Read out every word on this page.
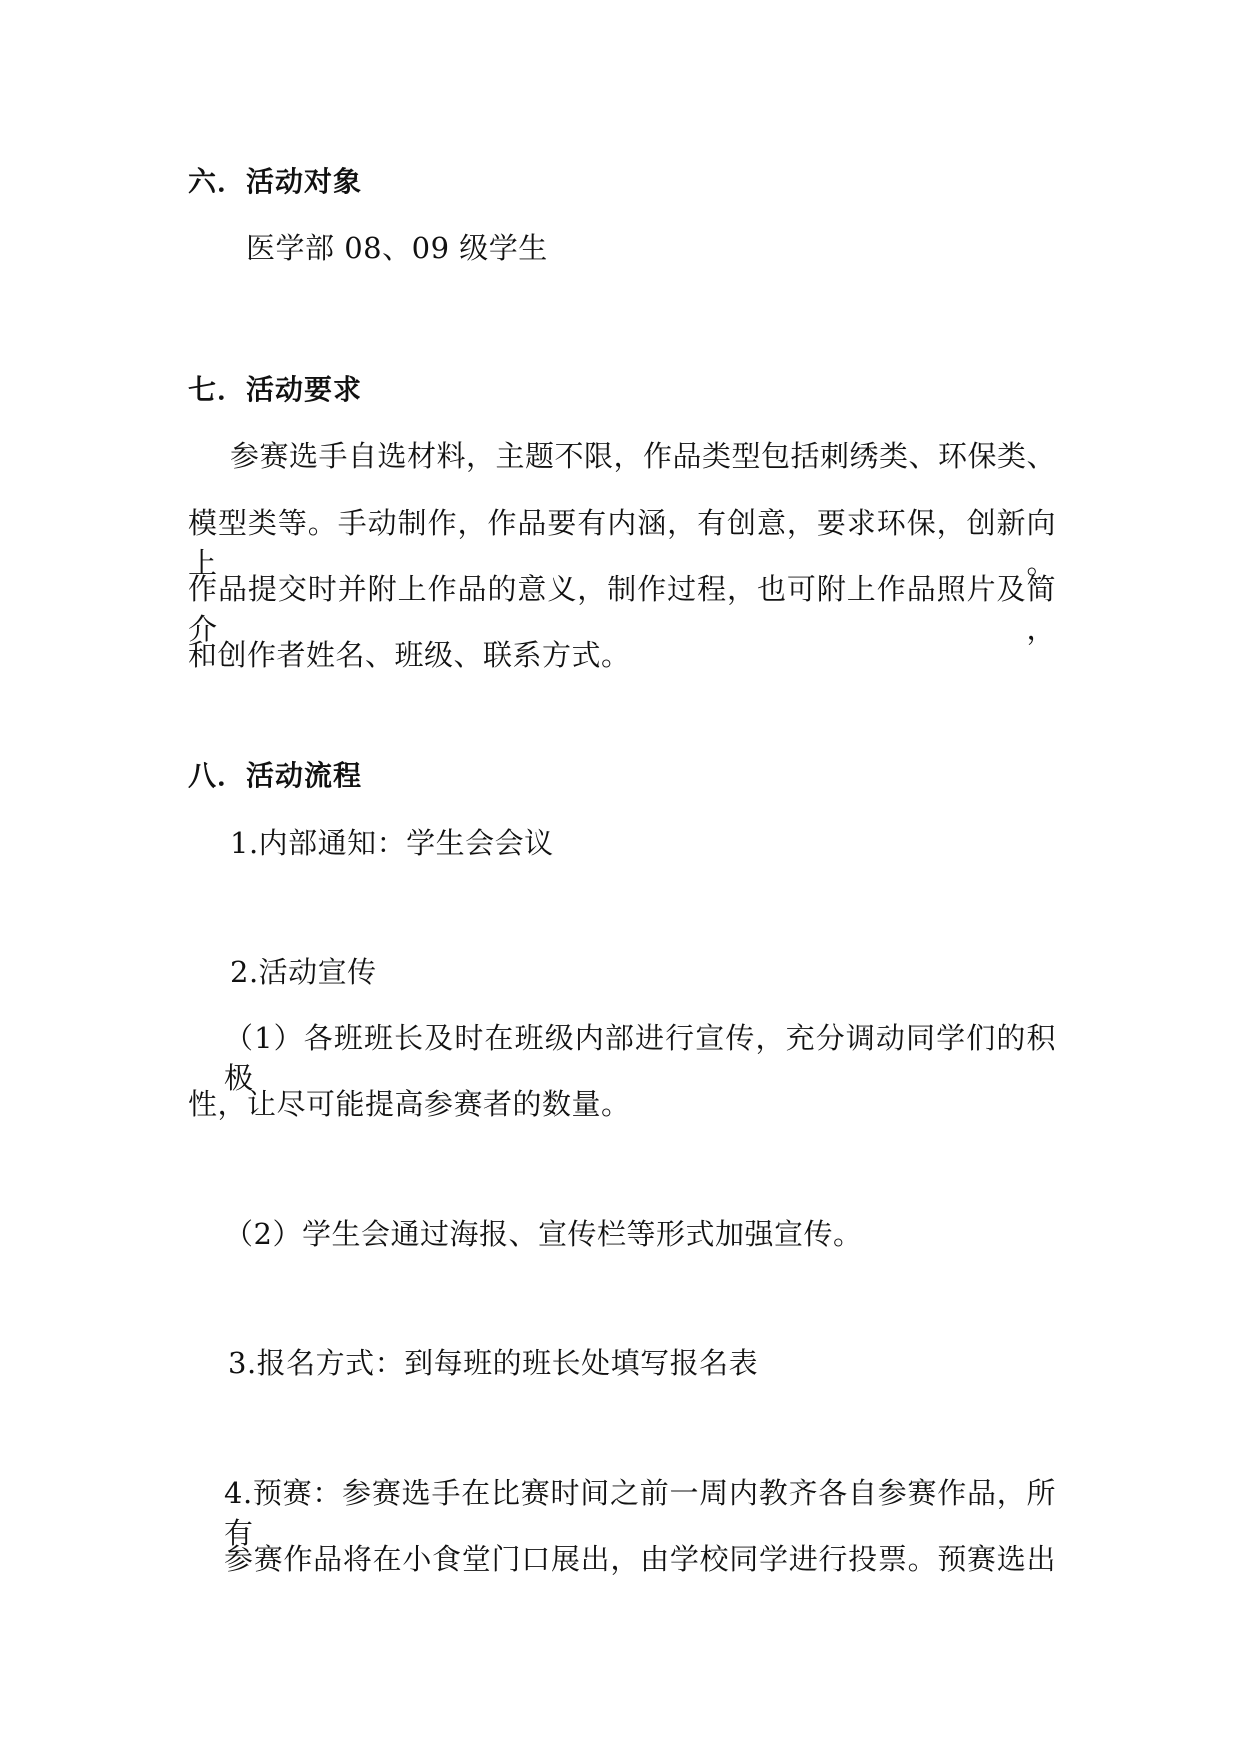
六．活动对象
医学部 08、09 级学生
七．活动要求
参赛选手自选材料，主题不限，作品类型包括刺绣类、环保类、
模型类等。手动制作，作品要有内涵，有创意，要求环保，创新向上。
作品提交时并附上作品的意义，制作过程，也可附上作品照片及简介，
和创作者姓名、班级、联系方式。
八．活动流程
1.内部通知：学生会会议
2.活动宣传
（1）各班班长及时在班级内部进行宣传，充分调动同学们的积极
性，让尽可能提高参赛者的数量。
（2）学生会通过海报、宣传栏等形式加强宣传。
3.报名方式：到每班的班长处填写报名表
4.预赛：参赛选手在比赛时间之前一周内教齐各自参赛作品，所有
参赛作品将在小食堂门口展出，由学校同学进行投票。预赛选出
